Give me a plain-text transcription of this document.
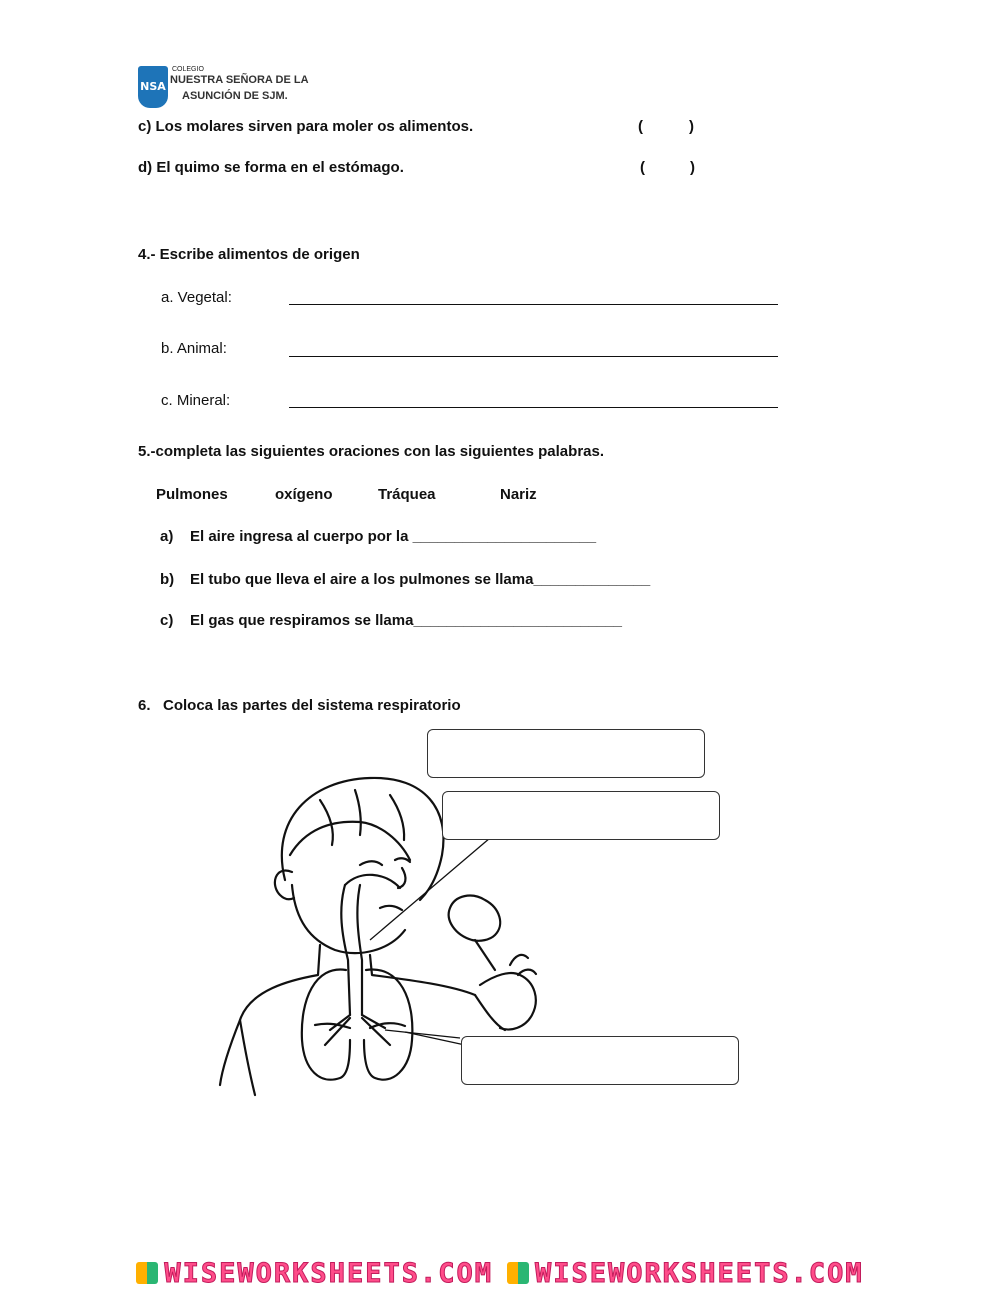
NSA
COLEGIO
NUESTRA SEÑORA DE LA
ASUNCIÓN DE SJM.
c) Los molares sirven para moler os alimentos.	(	)
d) El quimo se forma en el estómago.	(	)
4.- Escribe alimentos de origen
a. Vegetal:
b. Animal:
c. Mineral:
5.-completa las siguientes oraciones con las siguientes palabras.
Pulmones	oxígeno	Tráquea	Nariz
a) El aire ingresa al cuerpo por la ______________________
b) El tubo que lleva el aire a los pulmones se llama______________
c) El gas que respiramos se llama_________________________
6.   Coloca las partes del sistema respiratorio
WISEWORKSHEETS.COM WISEWORKSHEETS.COM
